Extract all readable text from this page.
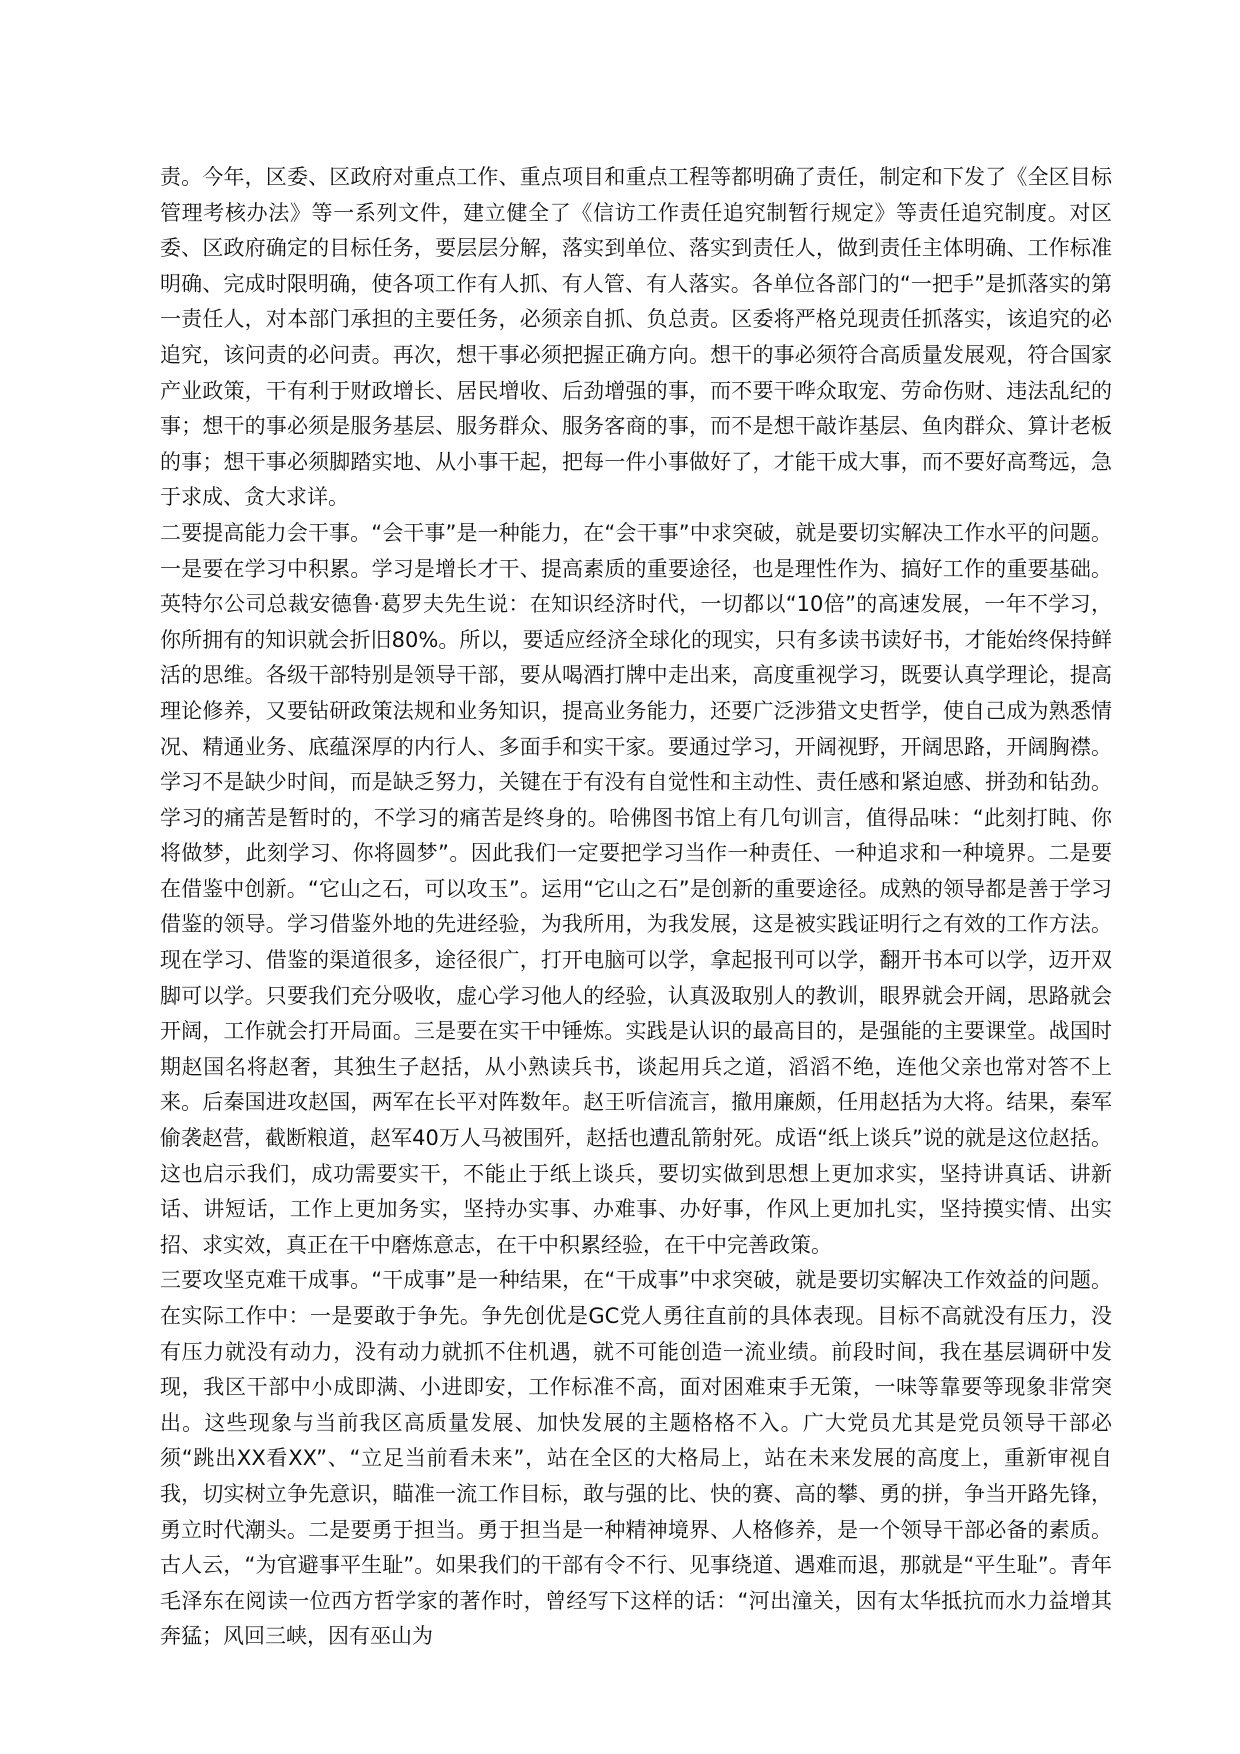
责。今年，区委、区政府对重点工作、重点项目和重点工程等都明确了责任，制定和下发了《全区目标管理考核办法》等一系列文件，建立健全了《信访工作责任追究制暂行规定》等责任追究制度。对区委、区政府确定的目标任务，要层层分解，落实到单位、落实到责任人，做到责任主体明确、工作标准明确、完成时限明确，使各项工作有人抓、有人管、有人落实。各单位各部门的“一把手”是抓落实的第一责任人，对本部门承担的主要任务，必须亲自抓、负总责。区委将严格兑现责任抓落实，该追究的必追究，该问责的必问责。再次，想干事必须把握正确方向。想干的事必须符合高质量发展观，符合国家产业政策，干有利于财政增长、居民增收、后劲增强的事，而不要干哗众取宠、劳命伤财、违法乱纪的事；想干的事必须是服务基层、服务群众、服务客商的事，而不是想干敲诈基层、鱼肉群众、算计老板的事；想干事必须脚踏实地、从小事干起，把每一件小事做好了，才能干成大事，而不要好高骛远，急于求成、贪大求详。

二要提高能力会干事。“会干事”是一种能力，在“会干事”中求突破，就是要切实解决工作水平的问题。一是要在学习中积累。学习是增长才干、提高素质的重要途径，也是理性作为、搞好工作的重要基础。英特尔公司总裁安德鲁·葛罗夫先生说：在知识经济时代，一切都以“10倍”的高速发展，一年不学习，你所拥有的知识就会折旧80%。所以，要适应经济全球化的现实，只有多读书读好书，才能始终保持鲜活的思维。各级干部特别是领导干部，要从喝酒打牌中走出来，高度重视学习，既要认真学理论，提高理论修养，又要钻研政策法规和业务知识，提高业务能力，还要广泛涉猎文史哲学，使自己成为熟悉情况、精通业务、底蕴深厚的内行人、多面手和实干家。要通过学习，开阔视野，开阔思路，开阔胸襟。学习不是缺少时间，而是缺乏努力，关键在于有没有自觉性和主动性、责任感和紧迫感、拼劲和钻劲。学习的痛苦是暂时的，不学习的痛苦是终身的。哈佛图书馆上有几句训言，值得品味：“此刻打盹、你将做梦，此刻学习、你将圆梦”。因此我们一定要把学习当作一种责任、一种追求和一种境界。二是要在借鉴中创新。“它山之石，可以攻玉”。运用“它山之石”是创新的重要途径。成熟的领导都是善于学习借鉴的领导。学习借鉴外地的先进经验，为我所用，为我发展，这是被实践证明行之有效的工作方法。现在学习、借鉴的渠道很多，途径很广，打开电脑可以学，拿起报刊可以学，翻开书本可以学，迈开双脚可以学。只要我们充分吸收，虚心学习他人的经验，认真汲取别人的教训，眼界就会开阔，思路就会开阔，工作就会打开局面。三是要在实干中锤炼。实践是认识的最高目的，是强能的主要课堂。战国时期赵国名将赵奢，其独生子赵括，从小熟读兵书，谈起用兵之道，滔滔不绝，连他父亲也常对答不上来。后秦国进攻赵国，两军在长平对阵数年。赵王听信流言，撤用廉颇，任用赵括为大将。结果，秦军偷袭赵营，截断粮道，赵军40万人马被围歼，赵括也遭乱箭射死。成语“纸上谈兵”说的就是这位赵括。这也启示我们，成功需要实干，不能止于纸上谈兵，要切实做到思想上更加求实，坚持讲真话、讲新话、讲短话，工作上更加务实，坚持办实事、办难事、办好事，作风上更加扎实，坚持摸实情、出实招、求实效，真正在干中磨炼意志，在干中积累经验，在干中完善政策。

三要攻坚克难干成事。“干成事”是一种结果，在“干成事”中求突破，就是要切实解决工作效益的问题。在实际工作中：一是要敢于争先。争先创优是GC党人勇往直前的具体表现。目标不高就没有压力，没有压力就没有动力，没有动力就抓不住机遇，就不可能创造一流业绩。前段时间，我在基层调研中发现，我区干部中小成即满、小进即安，工作标准不高，面对困难束手无策，一味等靠要等现象非常突出。这些现象与当前我区高质量发展、加快发展的主题格格不入。广大党员尤其是党员领导干部必须“跳出XX看XX”、“立足当前看未来”，站在全区的大格局上，站在未来发展的高度上，重新审视自我，切实树立争先意识，瞄准一流工作目标，敢与强的比、快的赛、高的攀、勇的拼，争当开路先锋，勇立时代潮头。二是要勇于担当。勇于担当是一种精神境界、人格修养，是一个领导干部必备的素质。古人云，“为官避事平生耻”。如果我们的干部有令不行、见事绕道、遇难而退，那就是“平生耻”。青年毛泽东在阅读一位西方哲学家的著作时，曾经写下这样的话：“河出潼关，因有太华抵抗而水力益增其奔猛；风回三峡，因有巫山为
